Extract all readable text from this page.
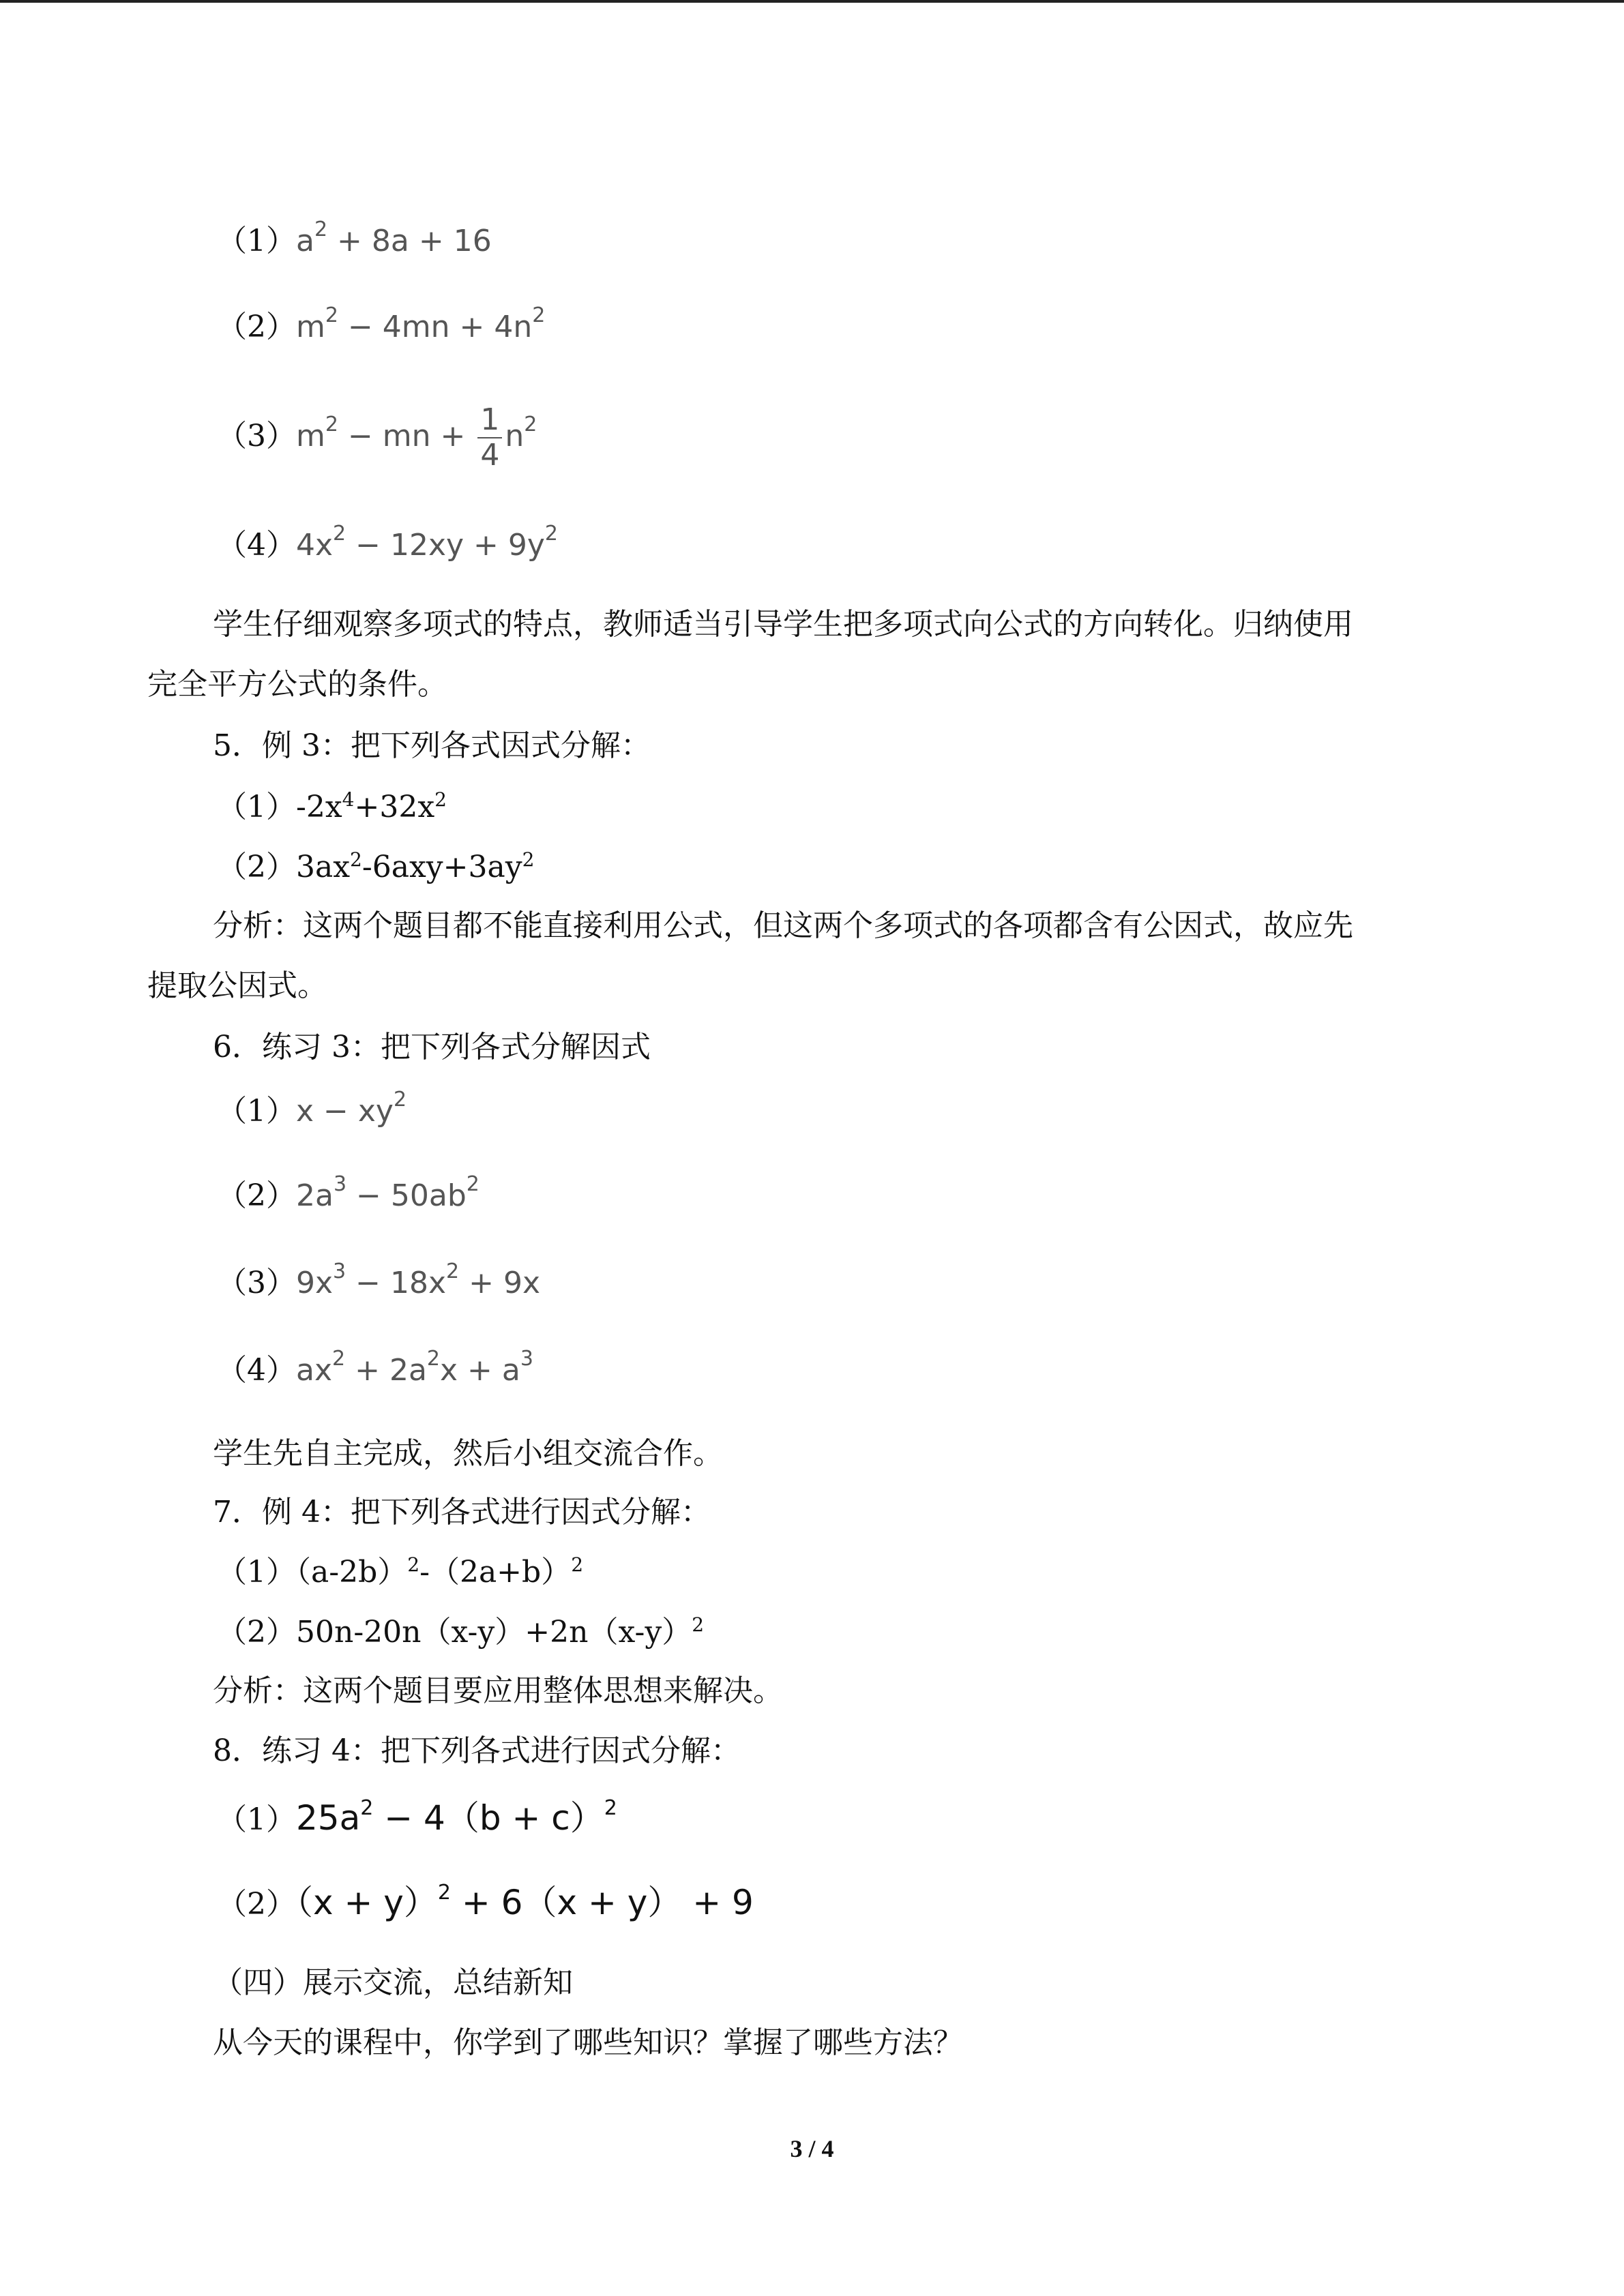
$(1)a^2 + 8a + 16$
$(2)m^2 - 4mn + 4n^2$
$(3)m^2$ − mn + $\frac{1}{4} n^2$
$(4)4x^2 - 12xy + 9y^2$
学生仔细观察多项式的特点，教师适当引导学生把多项式向公式的方向转化。归纳使用
完全平方公式的条件。
5．例 3：把下列各式因式分解：
$(1)-2x^4+32x^2$
$(2)3ax^2-6axy+3ay^2$
分析：这两个题目都不能直接利用公式，但这两个多项式的各项都含有公因式，故应先
提取公因式。
6．练习 3：把下列各式分解因式
$(1)x - xy^2$
$(2)2a^3 - 50ab^2$
$(3)9x^3 - 18x^2 + 9x$
$(4)ax^2 + 2a^2x + a^3$
学生先自主完成，然后小组交流合作。
7．例 4：把下列各式进行因式分解：
$(1)(a-2b)^2-(2a+b)^2$
$(2)50n-20n(x-y)+2n(x-y)^2$
分析：这两个题目要应用整体思想来解决。
8．练习 4：把下列各式进行因式分解：
$(1)25a^2 - 4(b + c)^2$
$(2)(x + y)^2 + 6(x + y) + 9$
（四）展示交流，总结新知
从今天的课程中，你学到了哪些知识？掌握了哪些方法？
3 / 4
